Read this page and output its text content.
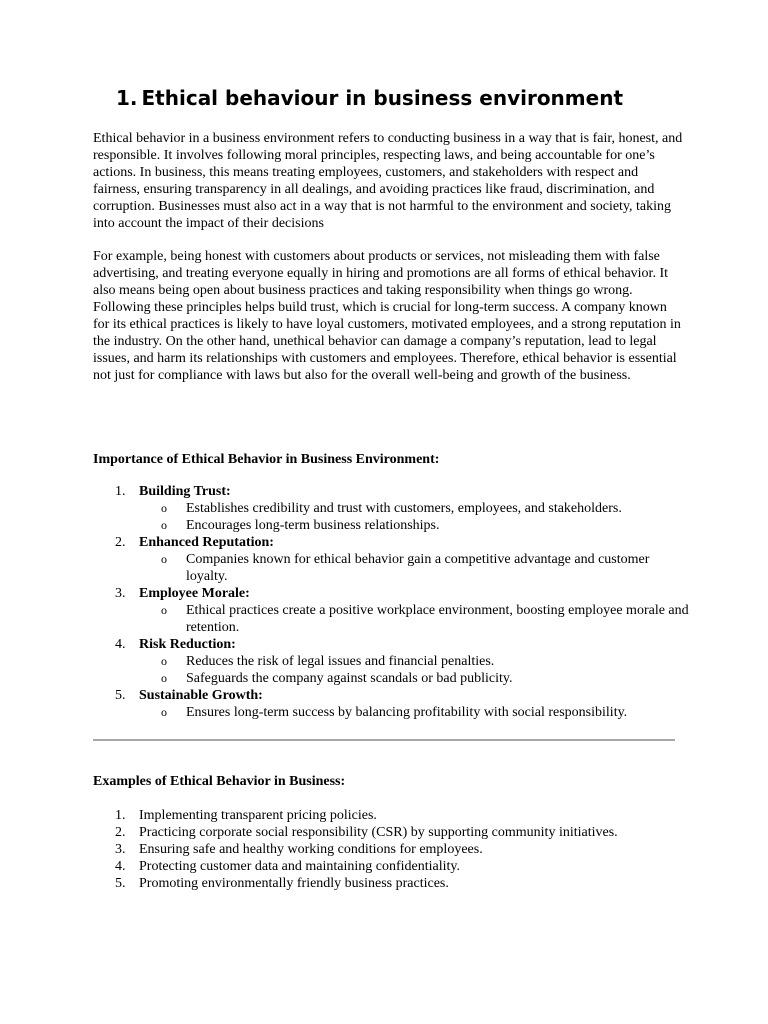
1. Ethical behaviour in business environment

Ethical behavior in a business environment refers to conducting business in a way that is fair, honest, and responsible. It involves following moral principles, respecting laws, and being accountable for one’s actions. In business, this means treating employees, customers, and stakeholders with respect and fairness, ensuring transparency in all dealings, and avoiding practices like fraud, discrimination, and corruption. Businesses must also act in a way that is not harmful to the environment and society, taking into account the impact of their decisions

For example, being honest with customers about products or services, not misleading them with false advertising, and treating everyone equally in hiring and promotions are all forms of ethical behavior. It also means being open about business practices and taking responsibility when things go wrong. Following these principles helps build trust, which is crucial for long-term success. A company known for its ethical practices is likely to have loyal customers, motivated employees, and a strong reputation in the industry. On the other hand, unethical behavior can damage a company’s reputation, lead to legal issues, and harm its relationships with customers and employees. Therefore, ethical behavior is essential not just for compliance with laws but also for the overall well-being and growth of the business.

Importance of Ethical Behavior in Business Environment:
1. Building Trust:
o Establishes credibility and trust with customers, employees, and stakeholders.
o Encourages long-term business relationships.
2. Enhanced Reputation:
o Companies known for ethical behavior gain a competitive advantage and customer loyalty.
3. Employee Morale:
o Ethical practices create a positive workplace environment, boosting employee morale and retention.
4. Risk Reduction:
o Reduces the risk of legal issues and financial penalties.
o Safeguards the company against scandals or bad publicity.
5. Sustainable Growth:
o Ensures long-term success by balancing profitability with social responsibility.
Examples of Ethical Behavior in Business:
1. Implementing transparent pricing policies.
2. Practicing corporate social responsibility (CSR) by supporting community initiatives.
3. Ensuring safe and healthy working conditions for employees.
4. Protecting customer data and maintaining confidentiality.
5. Promoting environmentally friendly business practices.
